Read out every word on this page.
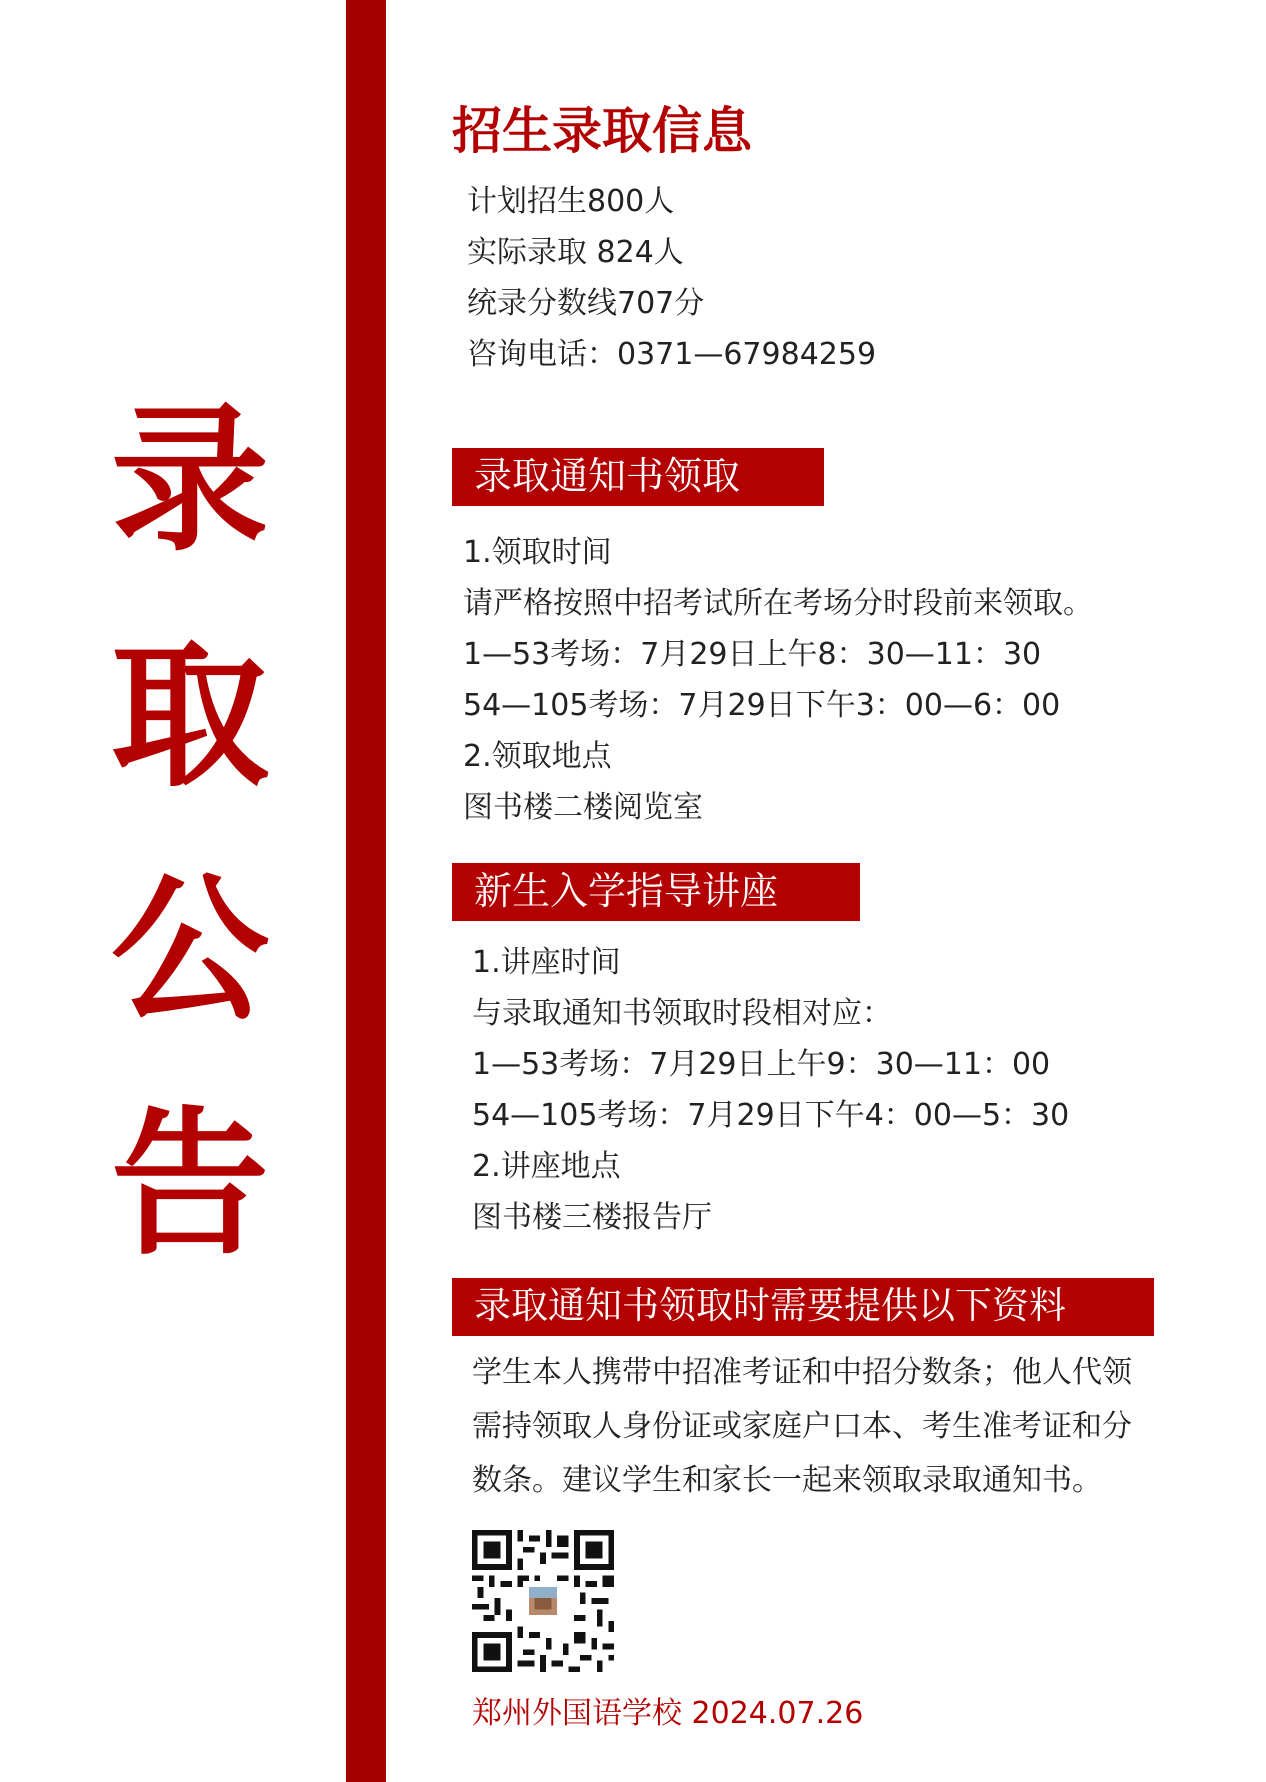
录
取
公
告
招生录取信息
计划招生800人
实际录取 824人
统录分数线707分
咨询电话：0371—67984259
录取通知书领取
1.领取时间
请严格按照中招考试所在考场分时段前来领取。
1—53考场：7月29日上午8：30—11：30
54—105考场：7月29日下午3：00—6：00
2.领取地点
图书楼二楼阅览室
新生入学指导讲座
1.讲座时间
与录取通知书领取时段相对应：
1—53考场：7月29日上午9：30—11：00
54—105考场：7月29日下午4：00—5：30
2.讲座地点
图书楼三楼报告厅
录取通知书领取时需要提供以下资料
学生本人携带中招准考证和中招分数条；他人代领
需持领取人身份证或家庭户口本、考生准考证和分
数条。建议学生和家长一起来领取录取通知书。
郑州外国语学校 2024.07.26
